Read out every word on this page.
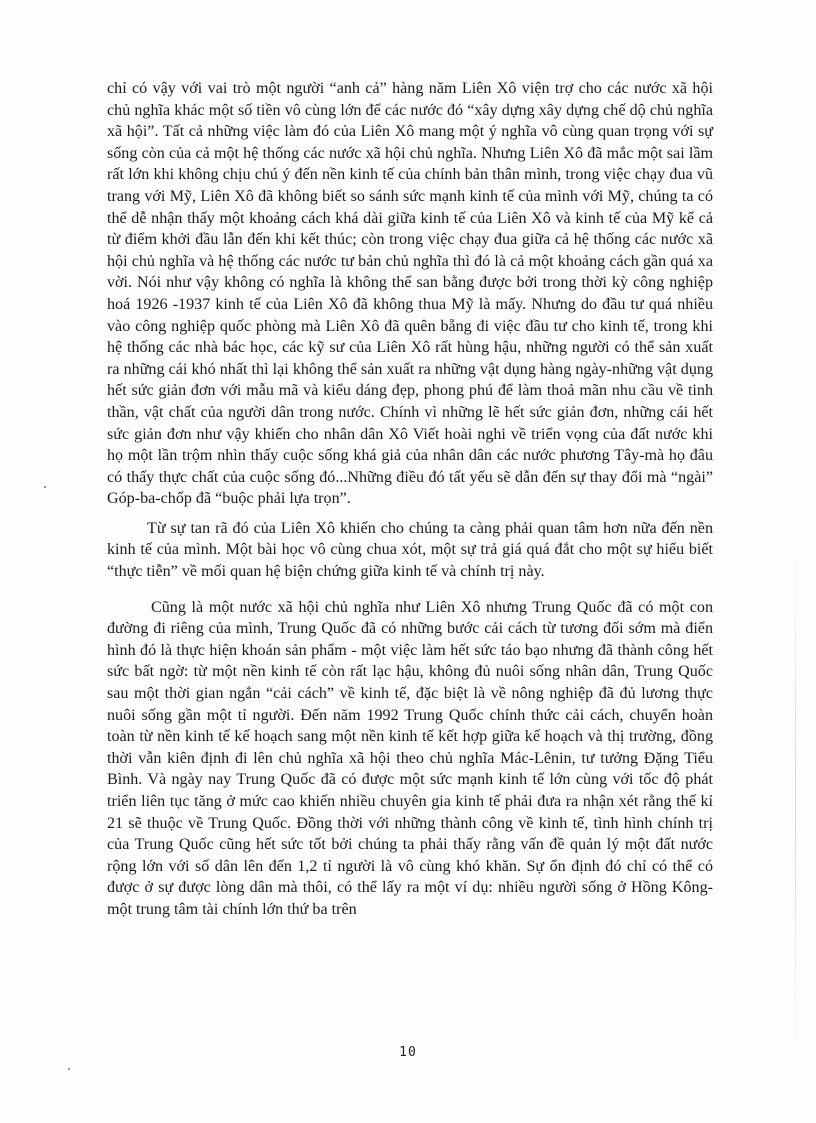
chỉ có vậy với vai trò một người “anh cả” hàng năm Liên Xô viện trợ cho các nước xã hội chủ nghĩa khác một số tiền vô cùng lớn để các nước đó “xây dựng xây dựng chế dộ chủ nghĩa xã hội”. Tất cả những việc làm đó của Liên Xô mang một ý nghĩa vô cùng quan trọng với sự sống còn của cả một hệ thống các nước xã hội chủ nghĩa. Nhưng Liên Xô đã mắc một sai lầm rất lớn khi không chịu chú ý đến nền kinh tế của chính bản thân mình, trong việc chạy đua vũ trang với Mỹ, Liên Xô đã không biết so sánh sức mạnh kinh tế của mình với Mỹ, chúng ta có thể dễ nhận thấy một khoảng cách khá dài giữa kinh tế của Liên Xô và kinh tế của Mỹ kể cả từ điểm khởi đầu lẫn đến khi kết thúc; còn trong việc chạy đua giữa cả hệ thống các nước xã hội chủ nghĩa và hệ thống các nước tư bản chủ nghĩa thì đó là cả một khoảng cách gần quá xa vời. Nói như vậy không có nghĩa là không thể san bằng được bởi trong thời kỳ công nghiệp hoá 1926 -1937 kinh tế của Liên Xô đã không thua Mỹ là mấy. Nhưng do đầu tư quá nhiều vào công nghiệp quốc phòng mà Liên Xô đã quên bẵng đi việc đầu tư cho kinh tế, trong khi hệ thống các nhà bác học, các kỹ sư của Liên Xô rất hùng hậu, những người có thể sản xuất ra những cái khó nhất thì lại không thể sản xuất ra những vật dụng hàng ngày-những vật dụng hết sức giản đơn với mẫu mã và kiểu dáng đẹp, phong phú để làm thoả mãn nhu cầu về tinh thần, vật chất của người dân trong nước. Chính vì những lẽ hết sức giản đơn, những cái hết sức giản đơn như vậy khiến cho nhân dân Xô Viết hoài nghi về triển vọng của đất nước khi họ một lần trộm nhìn thấy cuộc sống khá giả của nhân dân các nước phương Tây-mà họ đâu có thấy thực chất của cuộc sống đó...Những điều đó tất yếu sẽ dẫn đến sự thay đổi mà “ngài” Góp-ba-chốp đã “buộc phải lựa trọn”.

Từ sự tan rã đó của Liên Xô khiến cho chúng ta càng phải quan tâm hơn nữa đến nền kinh tế của mình. Một bài học vô cùng chua xót, một sự trả giá quá đắt cho một sự hiểu biết “thực tiễn” về mối quan hệ biện chứng giữa kinh tế và chính trị này.

Cũng là một nước xã hội chủ nghĩa như Liên Xô nhưng Trung Quốc đã có một con đường đi riêng của mình, Trung Quốc đã có những bước cải cách từ tương đối sớm mà điển hình đó là thực hiện khoán sản phẩm - một việc làm hết sức táo bạo nhưng đã thành công hết sức bất ngờ: từ một nền kinh tế còn rất lạc hậu, không đủ nuôi sống nhân dân, Trung Quốc sau một thời gian ngắn “cải cách” về kinh tế, đặc biệt là về nông nghiệp đã đủ lương thực nuôi sống gần một tỉ người. Đến năm 1992 Trung Quốc chính thức cải cách, chuyển hoàn toàn từ nền kinh tế kế hoạch sang một nền kinh tế kết hợp giữa kế hoạch và thị trường, đồng thời vẫn kiên định đi lên chủ nghĩa xã hội theo chủ nghĩa Mác-Lênin, tư tưởng Đặng Tiểu Bình. Và ngày nay Trung Quốc đã có được một sức mạnh kinh tế lớn cùng với tốc độ phát triển liên tục tăng ở mức cao khiến nhiều chuyên gia kinh tế phải đưa ra nhận xét rằng thế kỉ 21 sẽ thuộc về Trung Quốc. Đồng thời với những thành công về kinh tế, tình hình chính trị của Trung Quốc cũng hết sức tốt bởi chúng ta phải thấy rằng vấn đề quản lý một đất nước rộng lớn với số dân lên đến 1,2 tỉ người là vô cùng khó khăn. Sự ổn định đó chỉ có thể có được ở sự được lòng dân mà thôi, có thể lấy ra một ví dụ: nhiều người sống ở Hồng Kông-một trung tâm tài chính lớn thứ ba trên

10
